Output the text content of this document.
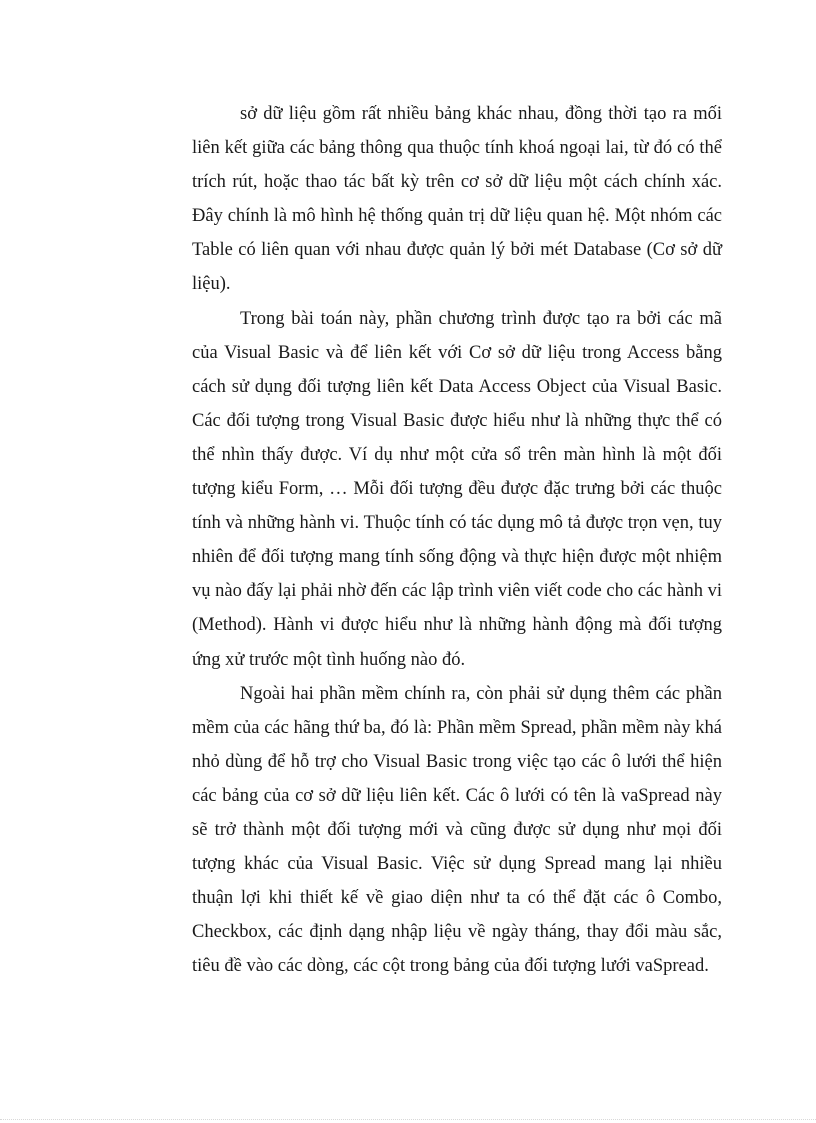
sở dữ liệu gồm rất nhiều bảng khác nhau, đồng thời tạo ra mối liên kết giữa các bảng thông qua thuộc tính khoá ngoại lai, từ đó có thể trích rút, hoặc thao tác bất kỳ trên cơ sở dữ liệu một cách chính xác. Đây chính là mô hình hệ thống quản trị dữ liệu quan hệ. Một nhóm các Table có liên quan với nhau được quản lý bởi mét Database (Cơ sở dữ liệu).

Trong bài toán này, phần chương trình được tạo ra bởi các mã của Visual Basic và để liên kết với Cơ sở dữ liệu trong Access bằng cách sử dụng đối tượng liên kết Data Access Object của Visual Basic. Các đối tượng trong Visual Basic được hiểu như là những thực thể có thể nhìn thấy được. Ví dụ như một cửa sổ trên màn hình là một đối tượng kiểu Form, … Mỗi đối tượng đều được đặc trưng bởi các thuộc tính và những hành vi. Thuộc tính có tác dụng mô tả được trọn vẹn, tuy nhiên để đối tượng mang tính sống động và thực hiện được một nhiệm vụ nào đấy lại phải nhờ đến các lập trình viên viết code cho các hành vi (Method). Hành vi được hiểu như là những hành động mà đối tượng ứng xử trước một tình huống nào đó.

Ngoài hai phần mềm chính ra, còn phải sử dụng thêm các phần mềm của các hãng thứ ba, đó là: Phần mềm Spread, phần mềm này khá nhỏ dùng để hỗ trợ cho Visual Basic trong việc tạo các ô lưới thể hiện các bảng của cơ sở dữ liệu liên kết. Các ô lưới có tên là vaSpread này sẽ trở thành một đối tượng mới và cũng được sử dụng như mọi đối tượng khác của Visual Basic. Việc sử dụng Spread mang lại nhiều thuận lợi khi thiết kế về giao diện như ta có thể đặt các ô Combo, Checkbox, các định dạng nhập liệu về ngày tháng, thay đổi màu sắc, tiêu đề vào các dòng, các cột trong bảng của đối tượng lưới vaSpread.
